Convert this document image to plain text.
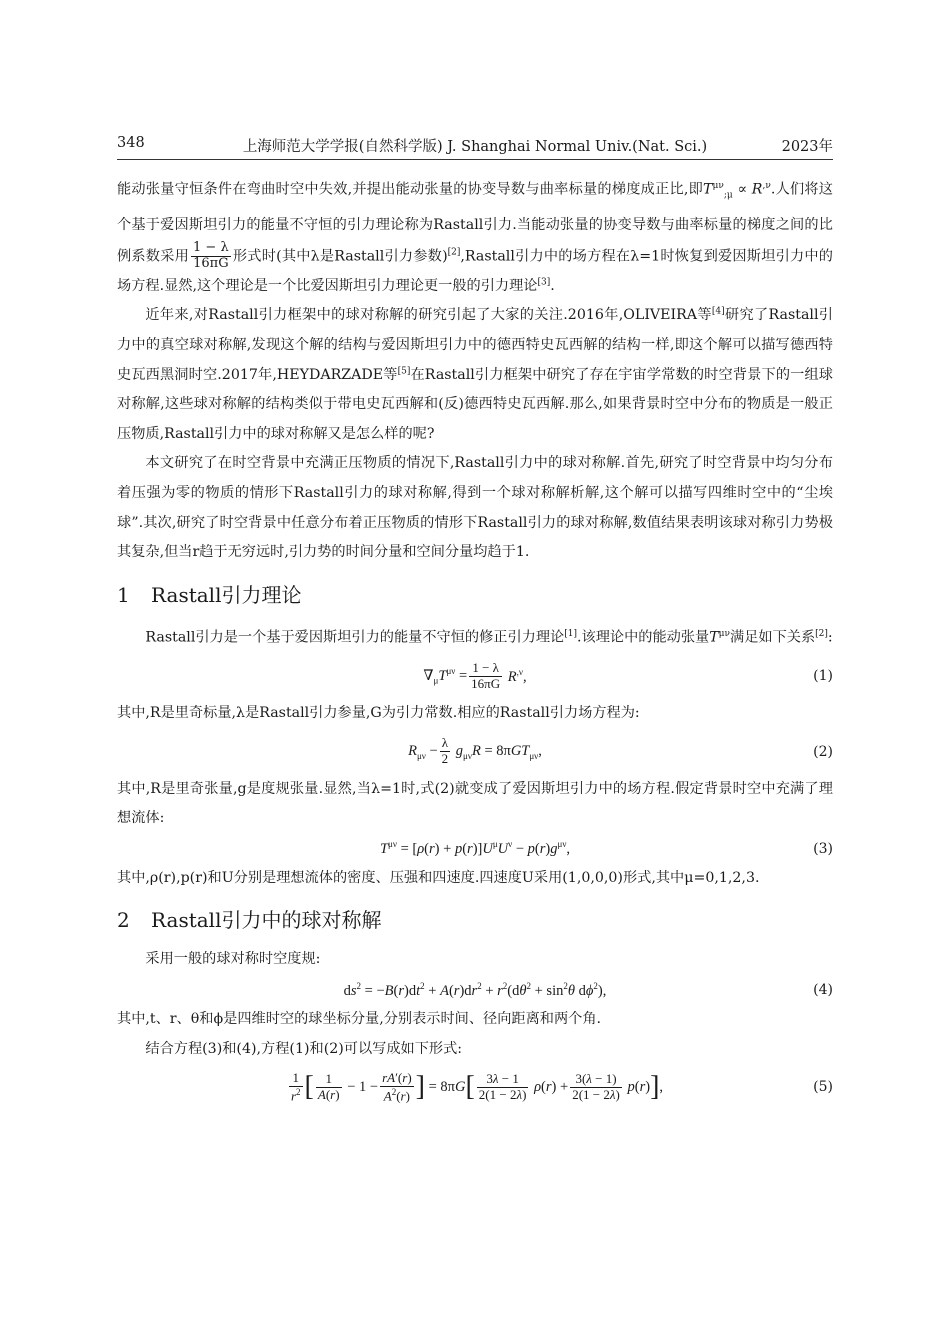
348	上海师范大学学报(自然科学版) J. Shanghai Normal Univ.(Nat. Sci.)	2023年

能动张量守恒条件在弯曲时空中失效,并提出能动张量的协变导数与曲率标量的梯度成正比,即$T^{\mu\nu}_{;\mu} \propto R^{,\nu}$.人们将这个基于爱因斯坦引力的能量不守恒的引力理论称为Rastall引力.当能动张量的协变导数与曲率标量的梯度之间的比例系数采用 $\frac{1 - \lambda}{16\pi G}$ 形式时(其中λ是Rastall引力参数)[2],Rastall引力中的场方程在λ=1时恢复到爱因斯坦引力中的场方程.显然,这个理论是一个比爱因斯坦引力理论更一般的引力理论[3].

近年来,对Rastall引力框架中的球对称解的研究引起了大家的关注.2016年,OLIVEIRA等[4]研究了Rastall引力中的真空球对称解,发现这个解的结构与爱因斯坦引力中的德西特史瓦西解的结构一样,即这个解可以描写德西特史瓦西黑洞时空.2017年,HEYDARZADE等[5]在Rastall引力框架中研究了存在宇宙学常数的时空背景下的一组球对称解,这些球对称解的结构类似于带电史瓦西解和(反)德西特史瓦西解.那么,如果背景时空中分布的物质是一般正压物质,Rastall引力中的球对称解又是怎么样的呢?

本文研究了在时空背景中充满正压物质的情况下,Rastall引力中的球对称解.首先,研究了时空背景中均匀分布着压强为零的物质的情形下Rastall引力的球对称解,得到一个球对称解析解,这个解可以描写四维时空中的“尘埃球”.其次,研究了时空背景中任意分布着正压物质的情形下Rastall引力的球对称解,数值结果表明该球对称引力势极其复杂,但当r趋于无穷远时,引力势的时间分量和空间分量均趋于1.

1 Rastall引力理论

Rastall引力是一个基于爱因斯坦引力的能量不守恒的修正引力理论[1].该理论中的能动张量$T^{\mu\nu}$满足如下关系[2]:

$\nabla_\mu T^{\mu\nu} = \frac{1 - \lambda}{16\pi G} R^{,\nu}$,	(1)

其中,R是里奇标量,λ是Rastall引力参量,G为引力常数.相应的Rastall引力场方程为:

$R_{\mu\nu} - \frac{\lambda}{2} g_{\mu\nu}R = 8\pi GT_{\mu\nu}$,	(2)

其中,R是里奇张量,g是度规张量.显然,当λ=1时,式(2)就变成了爱因斯坦引力中的场方程.假定背景时空中充满了理想流体:

$T^{\mu\nu} = [\rho(r) + p(r)]U^\mu U^\nu - p(r)g^{\mu\nu}$,	(3)

其中,ρ(r),p(r)和U分别是理想流体的密度、压强和四速度.四速度U采用(1,0,0,0)形式,其中μ=0,1,2,3.

2 Rastall引力中的球对称解

采用一般的球对称时空度规:

$ds^2 = -B(r)dt^2 + A(r)dr^2 + r^2(d\theta^2 + \sin^2\theta$ $d\phi^2$),	(4)

其中,t、r、θ和ϕ是四维时空的球坐标分量,分别表示时间、径向距离和两个角.

结合方程(3)和(4),方程(1)和(2)可以写成如下形式:

$\frac{1}{r^2}$ [ $\frac{1}{A(r)} - 1 - \frac{rA'(r)}{A^2(r)}$ ] = 8πG [ $\frac{3\lambda - 1}{2(1 - 2\lambda)} \rho(r) + \frac{3(\lambda - 1)}{2(1 - 2\lambda)} p(r)$ ] ,	(5)
